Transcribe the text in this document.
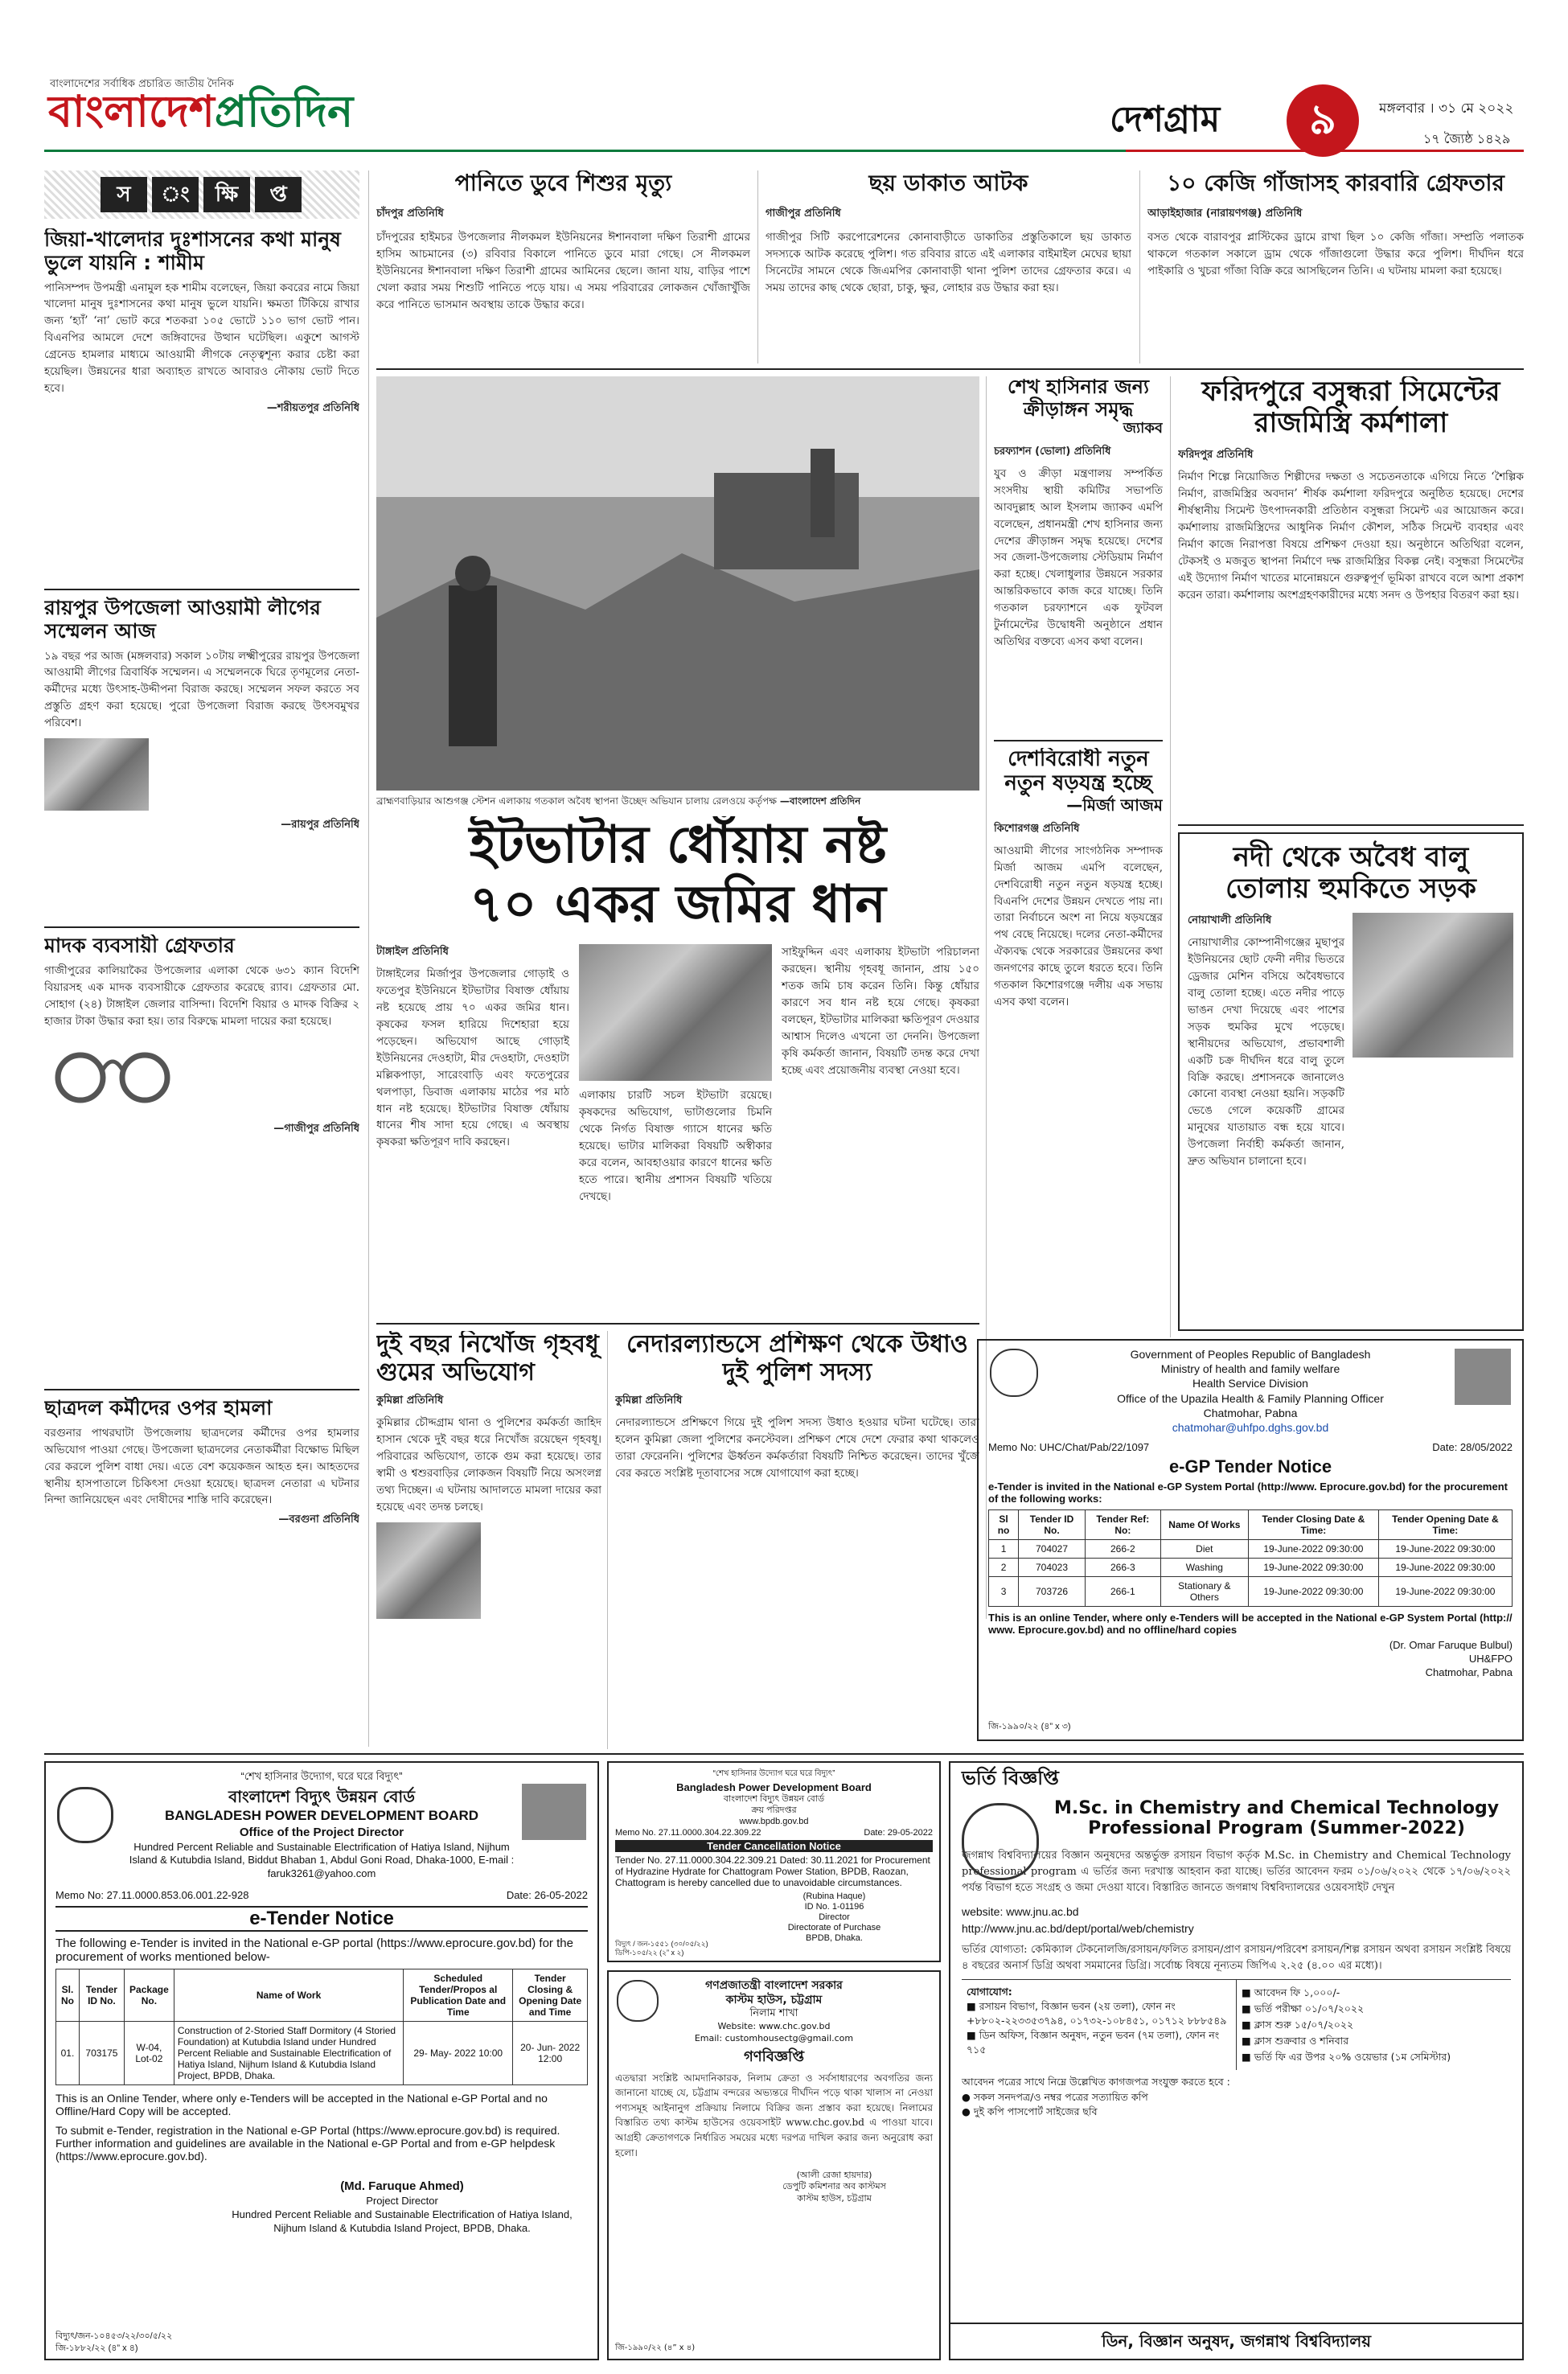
বাংলাদেশের সর্বাধিক প্রচারিত জাতীয় দৈনিক
বাংলাদেশপ্রতিদিন	দেশগ্রাম	৯	মঙ্গলবার । ৩১ মে ২০২২
১৭ জ্যৈষ্ঠ ১৪২৯
স	ং	ক্ষি	প্ত
জিয়া-খালেদার দুঃশাসনের কথা মানুষ ভুলে যায়নি : শামীম
পানিসম্পদ উপমন্ত্রী এনামুল হক শামীম বলেছেন, জিয়া কবরের নামে জিয়া খালেদা মানুষ দুঃশাসনের কথা মানুষ ভুলে যায়নি। ক্ষমতা টিকিয়ে রাখার জন্য ‘হ্যাঁ’ ‘না’ ভোট করে শতকরা ১০৫ ভোটে ১১০ ভাগ ভোট পান। বিএনপির আমলে দেশে জঙ্গিবাদের উত্থান ঘটেছিল। একুশে আগস্ট গ্রেনেড হামলার মাধ্যমে আওয়ামী লীগকে নেতৃত্বশূন্য করার চেষ্টা করা হয়েছিল। উন্নয়নের ধারা অব্যাহত রাখতে আবারও নৌকায় ভোট দিতে হবে।
—শরীয়তপুর প্রতিনিধি
রায়পুর উপজেলা আওয়ামী লীগের সম্মেলন আজ
১৯ বছর পর আজ (মঙ্গলবার) সকাল ১০টায় লক্ষ্মীপুরের রায়পুর উপজেলা আওয়ামী লীগের ত্রিবার্ষিক সম্মেলন। এ সম্মেলনকে ঘিরে তৃণমূলের নেতা-কর্মীদের মধ্যে উৎসাহ-উদ্দীপনা বিরাজ করছে। সম্মেলন সফল করতে সব প্রস্তুতি গ্রহণ করা হয়েছে। পুরো উপজেলা বিরাজ করছে উৎসবমুখর পরিবেশ।
—রায়পুর প্রতিনিধি
মাদক ব্যবসায়ী গ্রেফতার
গাজীপুরের কালিয়াকৈর উপজেলার এলাকা থেকে ৬৩১ ক্যান বিদেশি বিয়ারসহ এক মাদক ব্যবসায়ীকে গ্রেফতার করেছে র‌্যাব। গ্রেফতার মো. সোহাগ (২৪) টাঙ্গাইল জেলার বাসিন্দা। বিদেশি বিয়ার ও মাদক বিক্রির ২ হাজার টাকা উদ্ধার করা হয়। তার বিরুদ্ধে মামলা দায়ের করা হয়েছে।
—গাজীপুর প্রতিনিধি
ছাত্রদল কর্মীদের ওপর হামলা
বরগুনার পাথরঘাটা উপজেলায় ছাত্রদলের কর্মীদের ওপর হামলার অভিযোগ পাওয়া গেছে। উপজেলা ছাত্রদলের নেতাকর্মীরা বিক্ষোভ মিছিল বের করলে পুলিশ বাধা দেয়। এতে বেশ কয়েকজন আহত হন। আহতদের স্থানীয় হাসপাতালে চিকিৎসা দেওয়া হয়েছে। ছাত্রদল নেতারা এ ঘটনার নিন্দা জানিয়েছেন এবং দোষীদের শাস্তি দাবি করেছেন।
—বরগুনা প্রতিনিধি
পানিতে ডুবে শিশুর মৃত্যু
চাঁদপুর প্রতিনিধি
চাঁদপুরের হাইমচর উপজেলার নীলকমল ইউনিয়নের ঈশানবালা দক্ষিণ তিরাশী গ্রামের হাসিম আচমানের (৩) রবিবার বিকালে পানিতে ডুবে মারা গেছে। সে নীলকমল ইউনিয়নের ঈশানবালা দক্ষিণ তিরাশী গ্রামের আমিনের ছেলে। জানা যায়, বাড়ির পাশে খেলা করার সময় শিশুটি পানিতে পড়ে যায়। এ সময় পরিবারের লোকজন খোঁজাখুঁজি করে পানিতে ভাসমান অবস্থায় তাকে উদ্ধার করে।
ছয় ডাকাত আটক
গাজীপুর প্রতিনিধি
গাজীপুর সিটি করপোরেশনের কোনাবাড়ীতে ডাকাতির প্রস্তুতিকালে ছয় ডাকাত সদস্যকে আটক করেছে পুলিশ। গত রবিবার রাতে এই এলাকার বাইমাইল মেঘের ছায়া সিনেটের সামনে থেকে জিএমপির কোনাবাড়ী থানা পুলিশ তাদের গ্রেফতার করে। এ সময় তাদের কাছ থেকে ছোরা, চাকু, ক্ষুর, লোহার রড উদ্ধার করা হয়।
১০ কেজি গাঁজাসহ কারবারি গ্রেফতার
আড়াইহাজার (নারায়ণগঞ্জ) প্রতিনিধি
বসত থেকে বারাবপুর প্লাস্টিকের ড্রামে রাখা ছিল ১০ কেজি গাঁজা। সম্প্রতি পলাতক থাকলে গতকাল সকালে ড্রাম থেকে গাঁজাগুলো উদ্ধার করে পুলিশ। দীর্ঘদিন ধরে পাইকারি ও খুচরা গাঁজা বিক্রি করে আসছিলেন তিনি। এ ঘটনায় মামলা করা হয়েছে।
ব্রাহ্মণবাড়িয়ার আশুগঞ্জ স্টেশন এলাকায় গতকাল অবৈধ স্থাপনা উচ্ছেদ অভিযান চালায় রেলওয়ে কর্তৃপক্ষ —বাংলাদেশ প্রতিদিন
ইটভাটার ধোঁয়ায় নষ্ট
৭০ একর জমির ধান
টাঙ্গাইল প্রতিনিধি
টাঙ্গাইলের মির্জাপুর উপজেলার গোড়াই ও ফতেপুর ইউনিয়নে ইটভাটার বিষাক্ত ধোঁয়ায় নষ্ট হয়েছে প্রায় ৭০ একর জমির ধান। কৃষকের ফসল হারিয়ে দিশেহারা হয়ে পড়েছেন। অভিযোগ আছে গোড়াই ইউনিয়নের দেওহাটা, মীর দেওহাটা, দেওহাটা মল্লিকপাড়া, সারেংবাড়ি এবং ফতেপুরের থলপাড়া, ডিবাজ এলাকায় মাঠের পর মাঠ ধান নষ্ট হয়েছে। ইটভাটার বিষাক্ত ধোঁয়ায় ধানের শীষ সাদা হয়ে গেছে। এ অবস্থায় কৃষকরা ক্ষতিপূরণ দাবি করছেন।
এলাকায় চারটি সচল ইটভাটা রয়েছে। কৃষকদের অভিযোগ, ভাটাগুলোর চিমনি থেকে নির্গত বিষাক্ত গ্যাসে ধানের ক্ষতি হয়েছে। ভাটার মালিকরা বিষয়টি অস্বীকার করে বলেন, আবহাওয়ার কারণে ধানের ক্ষতি হতে পারে। স্থানীয় প্রশাসন বিষয়টি খতিয়ে দেখছে।
সাইফুদ্দিন এবং এলাকায় ইটভাটা পরিচালনা করছেন। স্থানীয় গৃহবধূ জানান, প্রায় ১৫০ শতক জমি চাষ করেন তিনি। কিন্তু ধোঁয়ার কারণে সব ধান নষ্ট হয়ে গেছে। কৃষকরা বলছেন, ইটভাটার মালিকরা ক্ষতিপূরণ দেওয়ার আশ্বাস দিলেও এখনো তা দেননি। উপজেলা কৃষি কর্মকর্তা জানান, বিষয়টি তদন্ত করে দেখা হচ্ছে এবং প্রয়োজনীয় ব্যবস্থা নেওয়া হবে।
দুই বছর নিখোঁজ গৃহবধূ গুমের অভিযোগ
কুমিল্লা প্রতিনিধি
কুমিল্লার চৌদ্দগ্রাম থানা ও পুলিশের কর্মকর্তা জাহিদ হাসান থেকে দুই বছর ধরে নিখোঁজ রয়েছেন গৃহবধূ। পরিবারের অভিযোগ, তাকে গুম করা হয়েছে। তার স্বামী ও শ্বশুরবাড়ির লোকজন বিষয়টি নিয়ে অসংলগ্ন তথ্য দিচ্ছেন। এ ঘটনায় আদালতে মামলা দায়ের করা হয়েছে এবং তদন্ত চলছে।
নেদারল্যান্ডসে প্রশিক্ষণ থেকে উধাও দুই পুলিশ সদস্য
কুমিল্লা প্রতিনিধি
নেদারল্যান্ডসে প্রশিক্ষণে গিয়ে দুই পুলিশ সদস্য উধাও হওয়ার ঘটনা ঘটেছে। তারা হলেন কুমিল্লা জেলা পুলিশের কনস্টেবল। প্রশিক্ষণ শেষে দেশে ফেরার কথা থাকলেও তারা ফেরেননি। পুলিশের ঊর্ধ্বতন কর্মকর্তারা বিষয়টি নিশ্চিত করেছেন। তাদের খুঁজে বের করতে সংশ্লিষ্ট দূতাবাসের সঙ্গে যোগাযোগ করা হচ্ছে।
শেখ হাসিনার জন্য ক্রীড়াঙ্গন সমৃদ্ধ
জ্যাকব
চরফ্যাশন (ভোলা) প্রতিনিধি
যুব ও ক্রীড়া মন্ত্রণালয় সম্পর্কিত সংসদীয় স্থায়ী কমিটির সভাপতি আবদুল্লাহ আল ইসলাম জ্যাকব এমপি বলেছেন, প্রধানমন্ত্রী শেখ হাসিনার জন্য দেশের ক্রীড়াঙ্গন সমৃদ্ধ হয়েছে। দেশের সব জেলা-উপজেলায় স্টেডিয়াম নির্মাণ করা হচ্ছে। খেলাধুলার উন্নয়নে সরকার আন্তরিকভাবে কাজ করে যাচ্ছে। তিনি গতকাল চরফ্যাশনে এক ফুটবল টুর্নামেন্টের উদ্বোধনী অনুষ্ঠানে প্রধান অতিথির বক্তব্যে এসব কথা বলেন।
দেশবিরোধী নতুন নতুন ষড়যন্ত্র হচ্ছে
—মির্জা আজম
কিশোরগঞ্জ প্রতিনিধি
আওয়ামী লীগের সাংগঠনিক সম্পাদক মির্জা আজম এমপি বলেছেন, দেশবিরোধী নতুন নতুন ষড়যন্ত্র হচ্ছে। বিএনপি দেশের উন্নয়ন দেখতে পায় না। তারা নির্বাচনে অংশ না নিয়ে ষড়যন্ত্রের পথ বেছে নিয়েছে। দলের নেতা-কর্মীদের ঐক্যবদ্ধ থেকে সরকারের উন্নয়নের কথা জনগণের কাছে তুলে ধরতে হবে। তিনি গতকাল কিশোরগঞ্জে দলীয় এক সভায় এসব কথা বলেন।
ফরিদপুরে বসুন্ধরা সিমেন্টের রাজমিস্ত্রি কর্মশালা
ফরিদপুর প্রতিনিধি
নির্মাণ শিল্পে নিয়োজিত শিল্পীদের দক্ষতা ও সচেতনতাকে এগিয়ে নিতে ‘শৈল্পিক নির্মাণ, রাজমিস্ত্রির অবদান’ শীর্ষক কর্মশালা ফরিদপুরে অনুষ্ঠিত হয়েছে। দেশের শীর্ষস্থানীয় সিমেন্ট উৎপাদনকারী প্রতিষ্ঠান বসুন্ধরা সিমেন্ট এর আয়োজন করে। কর্মশালায় রাজমিস্ত্রিদের আধুনিক নির্মাণ কৌশল, সঠিক সিমেন্ট ব্যবহার এবং নির্মাণ কাজে নিরাপত্তা বিষয়ে প্রশিক্ষণ দেওয়া হয়। অনুষ্ঠানে অতিথিরা বলেন, টেকসই ও মজবুত স্থাপনা নির্মাণে দক্ষ রাজমিস্ত্রির বিকল্প নেই। বসুন্ধরা সিমেন্টের এই উদ্যোগ নির্মাণ খাতের মানোন্নয়নে গুরুত্বপূর্ণ ভূমিকা রাখবে বলে আশা প্রকাশ করেন তারা। কর্মশালায় অংশগ্রহণকারীদের মধ্যে সনদ ও উপহার বিতরণ করা হয়।
নদী থেকে অবৈধ বালু তোলায় হুমকিতে সড়ক
নোয়াখালী প্রতিনিধি
নোয়াখালীর কোম্পানীগঞ্জের মুছাপুর ইউনিয়নের ছোট ফেনী নদীর ভিতরে ড্রেজার মেশিন বসিয়ে অবৈধভাবে বালু তোলা হচ্ছে। এতে নদীর পাড়ে ভাঙন দেখা দিয়েছে এবং পাশের সড়ক হুমকির মুখে পড়েছে। স্থানীয়দের অভিযোগ, প্রভাবশালী একটি চক্র দীর্ঘদিন ধরে বালু তুলে বিক্রি করছে। প্রশাসনকে জানালেও কোনো ব্যবস্থা নেওয়া হয়নি। সড়কটি ভেঙে গেলে কয়েকটি গ্রামের মানুষের যাতায়াত বন্ধ হয়ে যাবে। উপজেলা নির্বাহী কর্মকর্তা জানান, দ্রুত অভিযান চালানো হবে।
Government of Peoples Republic of Bangladesh
Ministry of health and family welfare
Health Service Division
Office of the Upazila Health & Family Planning Officer
Chatmohar, Pabna
chatmohar@uhfpo.dghs.gov.bd
Memo No: UHC/Chat/Pab/22/1097	Date: 28/05/2022
e-GP Tender Notice
e-Tender is invited in the National e-GP System Portal (http://www. Eprocure.gov.bd) for the procurement of the following works:
Sl no	Tender ID No.	Tender Ref: No:	Name Of Works	Tender Closing Date & Time:	Tender Opening Date & Time:
1	704027	266-2	Diet	19-June-2022 09:30:00	19-June-2022 09:30:00
2	704023	266-3	Washing	19-June-2022 09:30:00	19-June-2022 09:30:00
3	703726	266-1	Stationary & Others	19-June-2022 09:30:00	19-June-2022 09:30:00
This is an online Tender, where only e-Tenders will be accepted in the National e-GP System Portal (http:// www. Eprocure.gov.bd) and no offline/hard copies
(Dr. Omar Faruque Bulbul)
UH&FPO
Chatmohar, Pabna
জি-১৯৯০/২২ (৪” x ৩)
“শেখ হাসিনার উদ্যোগ, ঘরে ঘরে বিদ্যুৎ”
বাংলাদেশ বিদ্যুৎ উন্নয়ন বোর্ড
BANGLADESH POWER DEVELOPMENT BOARD
Office of the Project Director
Hundred Percent Reliable and Sustainable Electrification of Hatiya Island, Nijhum Island & Kutubdia Island, Biddut Bhaban 1, Abdul Goni Road, Dhaka-1000, E-mail : faruk3261@yahoo.com
Memo No: 27.11.0000.853.06.001.22-928	Date: 26-05-2022
e-Tender Notice
The following e-Tender is invited in the National e-GP portal (https://www.eprocure.gov.bd) for the procurement of works mentioned below-
Sl. No	Tender ID No.	Package No.	Name of Work	Scheduled Tender/Propos al Publication Date and Time	Tender Closing & Opening Date and Time
01.	703175	W-04, Lot-02	Construction of 2-Storied Staff Dormitory (4 Storied Foundation) at Kutubdia Island under Hundred Percent Reliable and Sustainable Electrification of Hatiya Island, Nijhum Island & Kutubdia Island Project, BPDB, Dhaka.	29- May- 2022 10:00	20- Jun- 2022 12:00
This is an Online Tender, where only e-Tenders will be accepted in the National e-GP Portal and no Offline/Hard Copy will be accepted.
To submit e-Tender, registration in the National e-GP Portal (https://www.eprocure.gov.bd) is required. Further information and guidelines are available in the National e-GP Portal and from e-GP helpdesk (https://www.eprocure.gov.bd).
(Md. Faruque Ahmed)
Project Director
Hundred Percent Reliable and Sustainable Electrification of Hatiya Island, Nijhum Island & Kutubdia Island Project, BPDB, Dhaka.
বিদ্যুৎ/জন-১০৪৫৩/২২/৩০/৫/২২
জি-১৮৮২/২২ (৪” x ৪)
“শেখ হাসিনার উদ্যোগ ঘরে ঘরে বিদ্যুৎ”
Bangladesh Power Development Board
বাংলাদেশ বিদ্যুৎ উন্নয়ন বোর্ড
ক্রয় পরিদপ্তর
www.bpdb.gov.bd
Memo No. 27.11.0000.304.22.309.22	Date: 29-05-2022
Tender Cancellation Notice
Tender No. 27.11.0000.304.22.309.21 Dated: 30.11.2021 for Procurement of Hydrazine Hydrate for Chattogram Power Station, BPDB, Raozan, Chattogram is hereby cancelled due to unavoidable circumstances.
(Rubina Haque)
ID No. 1-01196
Director
Directorate of Purchase
BPDB, Dhaka.
বিদ্যুৎ / জন-১৫৫১ (৩০/০৫/২২)
ডিপি-১০৫/২২ (২” x ২)
গণপ্রজাতন্ত্রী বাংলাদেশ সরকার
কাস্টম হাউস, চট্টগ্রাম
নিলাম শাখা
Website: www.chc.gov.bd
Email: customhousectg@gmail.com
গণবিজ্ঞপ্তি
এতদ্বারা সংশ্লিষ্ট আমদানিকারক, নিলাম ক্রেতা ও সর্বসাধারণের অবগতির জন্য জানানো যাচ্ছে যে, চট্টগ্রাম বন্দরের অভ্যন্তরে দীর্ঘদিন পড়ে থাকা খালাস না নেওয়া পণ্যসমূহ আইনানুগ প্রক্রিয়ায় নিলামে বিক্রির জন্য প্রস্তাব করা হয়েছে। নিলামের বিস্তারিত তথ্য কাস্টম হাউসের ওয়েবসাইট www.chc.gov.bd এ পাওয়া যাবে। আগ্রহী ক্রেতাগণকে নির্ধারিত সময়ের মধ্যে দরপত্র দাখিল করার জন্য অনুরোধ করা হলো।
(আলী রেজা হায়দার)
ডেপুটি কমিশনার অব কাস্টমস
কাস্টম হাউস, চট্টগ্রাম
জি-১৯৯০/২২ (৪” x ৪)
ভর্তি বিজ্ঞপ্তি
M.Sc. in Chemistry and Chemical Technology Professional Program (Summer-2022)
জগন্নাথ বিশ্ববিদ্যালয়ের বিজ্ঞান অনুষদের অন্তর্ভুক্ত রসায়ন বিভাগ কর্তৃক M.Sc. in Chemistry and Chemical Technology professional program এ ভর্তির জন্য দরখাস্ত আহবান করা যাচ্ছে। ভর্তির আবেদন ফরম ০১/০৬/২০২২ থেকে ১৭/০৬/২০২২ পর্যন্ত বিভাগ হতে সংগ্রহ ও জমা দেওয়া যাবে। বিস্তারিত জানতে জগন্নাথ বিশ্ববিদ্যালয়ের ওয়েবসাইট দেখুন
website: www.jnu.ac.bd
http://www.jnu.ac.bd/dept/portal/web/chemistry
ভর্তির যোগ্যতা: কেমিক্যাল টেকনোলজি/রসায়ন/ফলিত রসায়ন/প্রাণ রসায়ন/পরিবেশ রসায়ন/শিল্প রসায়ন অথবা রসায়ন সংশ্লিষ্ট বিষয়ে ৪ বছরের অনার্স ডিগ্রি অথবা সমমানের ডিগ্রি। সর্বোচ্চ বিষয়ে নূন্যতম জিপিএ ২.২৫ (৪.০০ এর মধ্যে)।
যোগাযোগ:
■ রসায়ন বিভাগ, বিজ্ঞান ভবন (২য় তলা), ফোন নং +৮৮০২-২২৩৩৫৩৭৯৪, ০১৭৩২-১০৮৪৫১, ০১৭১২ ৮৮৮৫৪৯
■ ডিন অফিস, বিজ্ঞান অনুষদ, নতুন ভবন (৭ম তলা), ফোন নং ৭১৫
■ আবেদন ফি ১,০০০/-
■ ভর্তি পরীক্ষা ০১/০৭/২০২২
■ ক্লাস শুরু ১৫/০৭/২০২২
■ ক্লাস শুক্রবার ও শনিবার
■ ভর্তি ফি এর উপর ২০% ওয়েভার (১ম সেমিস্টার)
আবেদন পত্রের সাথে নিম্নে উল্লেখিত কাগজপত্র সংযুক্ত করতে হবে :
● সকল সনদপত্র/ও নম্বর পত্রের সত্যায়িত কপি
● দুই কপি পাসপোর্ট সাইজের ছবি
ডিন, বিজ্ঞান অনুষদ, জগন্নাথ বিশ্ববিদ্যালয়
